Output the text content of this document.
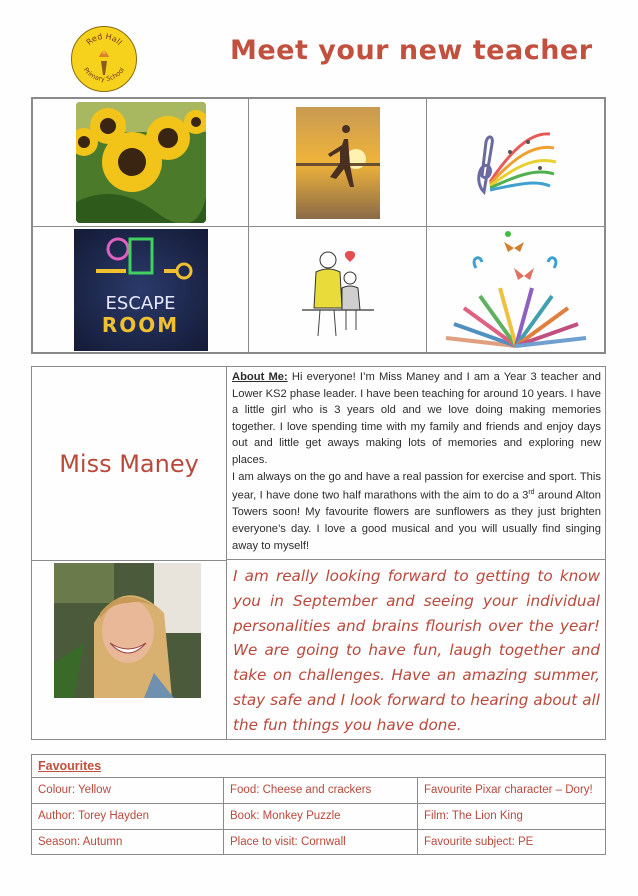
Red Hall
Primary School
Meet your new teacher
ESCAPE
ROOM
Miss Maney
About Me: Hi everyone! I’m Miss Maney and I am a Year 3 teacher and Lower KS2 phase leader. I have been teaching for around 10 years. I have a little girl who is 3 years old and we love doing making memories together. I love spending time with my family and friends and enjoy days out and little get aways making lots of memories and exploring new places.
I am always on the go and have a real passion for exercise and sport. This year, I have done two half marathons with the aim to do a 3rd around Alton Towers soon! My favourite flowers are sunflowers as they just brighten everyone’s day. I love a good musical and you will usually find singing away to myself!
I am really looking forward to getting to know you in September and seeing your individual personalities and brains flourish over the year! We are going to have fun, laugh together and take on challenges. Have an amazing summer, stay safe and I look forward to hearing about all the fun things you have done.
Favourites
Colour: Yellow	Food: Cheese and crackers	Favourite Pixar character – Dory!
Author: Torey Hayden	Book: Monkey Puzzle	Film: The Lion King
Season: Autumn	Place to visit: Cornwall	Favourite subject: PE
